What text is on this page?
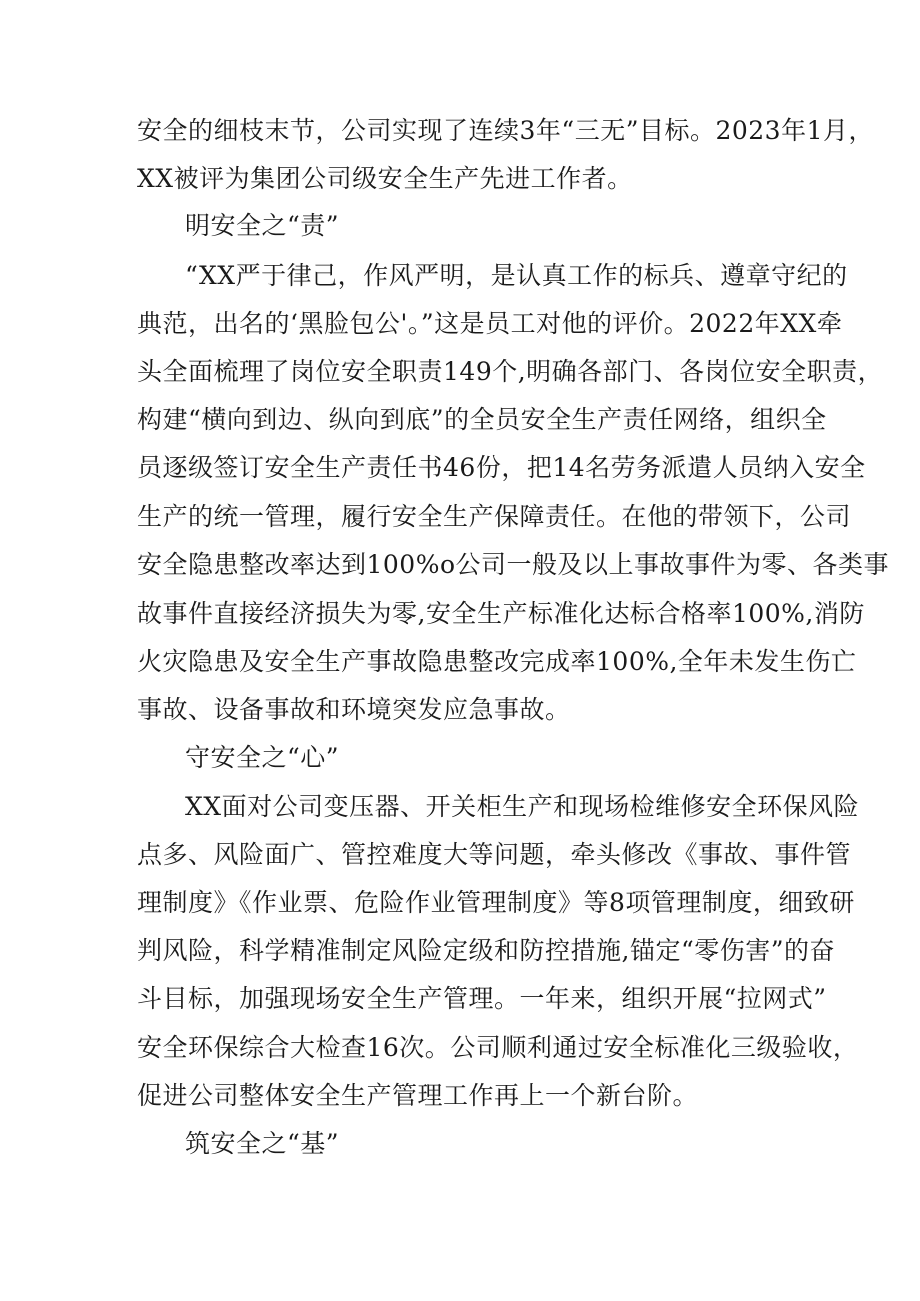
安全的细枝末节，公司实现了连续3年“三无”目标。2023年1月，
XX被评为集团公司级安全生产先进工作者。
明安全之“责”
“XX严于律己，作风严明，是认真工作的标兵、遵章守纪的
典范，出名的‘黑脸包公'。”这是员工对他的评价。2022年XX牵
头全面梳理了岗位安全职责149个,明确各部门、各岗位安全职责，
构建“横向到边、纵向到底”的全员安全生产责任网络，组织全
员逐级签订安全生产责任书46份，把14名劳务派遣人员纳入安全
生产的统一管理，履行安全生产保障责任。在他的带领下，公司
安全隐患整改率达到100%o公司一般及以上事故事件为零、各类事
故事件直接经济损失为零,安全生产标准化达标合格率100%,消防
火灾隐患及安全生产事故隐患整改完成率100%,全年未发生伤亡
事故、设备事故和环境突发应急事故。
守安全之“心”
XX面对公司变压器、开关柜生产和现场检维修安全环保风险
点多、风险面广、管控难度大等问题，牵头修改《事故、事件管
理制度》《作业票、危险作业管理制度》等8项管理制度，细致研
判风险，科学精准制定风险定级和防控措施,锚定“零伤害”的奋
斗目标，加强现场安全生产管理。一年来，组织开展“拉网式”
安全环保综合大检查16次。公司顺利通过安全标准化三级验收，
促进公司整体安全生产管理工作再上一个新台阶。
筑安全之“基”
